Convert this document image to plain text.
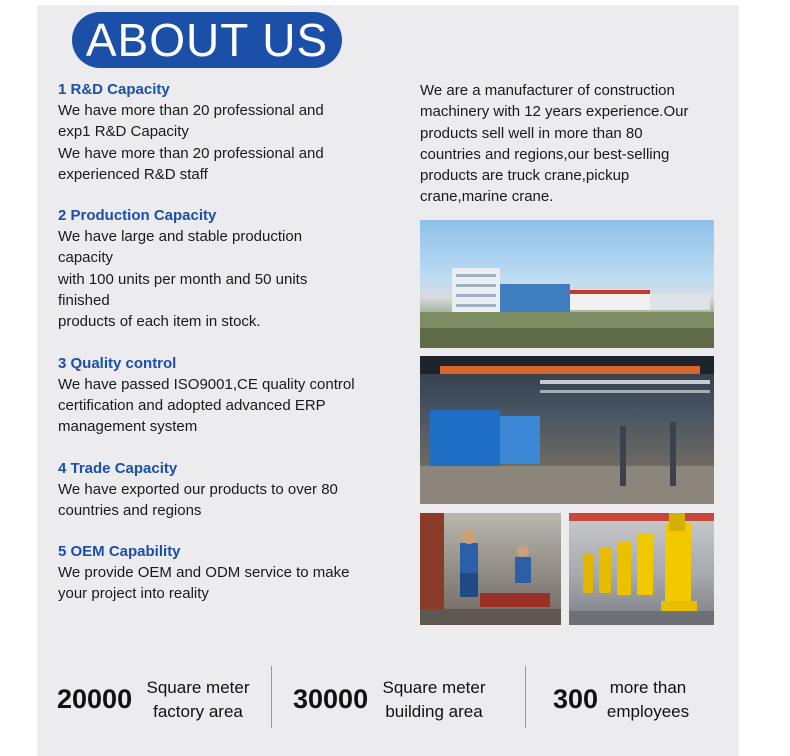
ABOUT US
1 R&D Capacity
We have more than 20 professional and
exp1 R&D Capacity
We have more than 20 professional and
experienced R&D staff
2 Production Capacity
We have large and stable production
capacity
with 100 units per month and 50 units
finished
products of each item in stock.
3 Quality control
We have passed ISO9001,CE quality control
certification and adopted advanced ERP
management system
4 Trade Capacity
We have exported our products to over 80
countries and regions
5 OEM Capability
We provide OEM and ODM service to make
your project into reality
We are a manufacturer of construction
machinery with 12 years experience.Our
products sell well in more than 80
countries and regions,our best-selling
products are truck crane,pickup
crane,marine crane.
20000 Square meter
factory area	30000 Square meter
building area	300 more than
employees
